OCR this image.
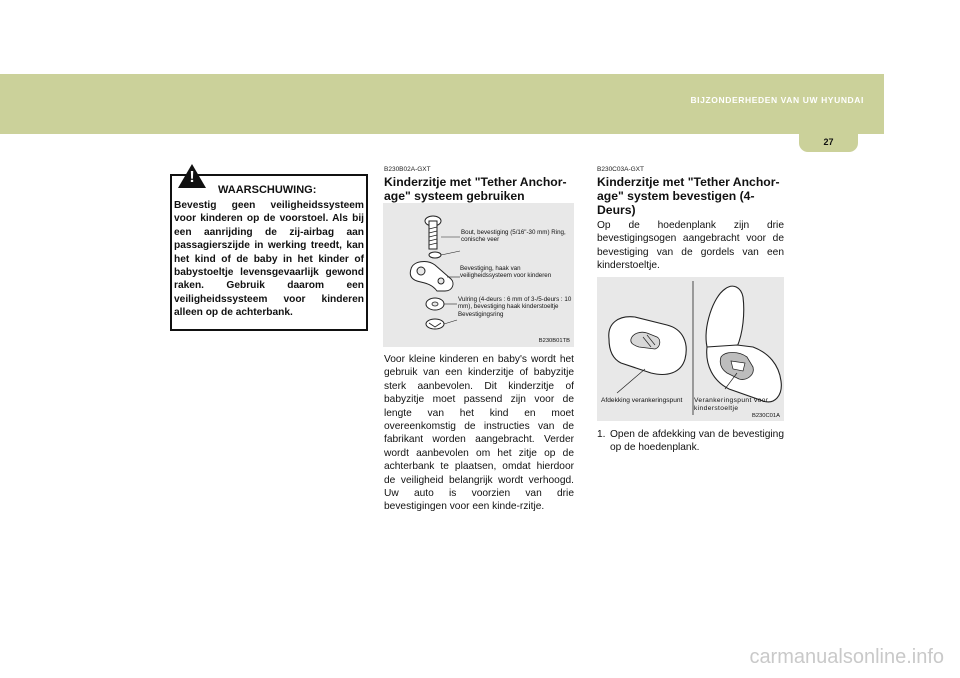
BIJZONDERHEDEN VAN UW HYUNDAI 1
27
!
WAARSCHUWING:
Bevestig geen veiligheidssysteem voor kinderen op de voorstoel. Als bij een aanrijding de zij-airbag aan passagierszijde in werking treedt, kan het kind of de baby in het kinder of babystoeltje levensgevaarlijk gewond raken. Gebruik daarom een veiligheidssysteem voor kinderen alleen op de achterbank.
B230B02A-GXT
Kinderzitje met "Tether Anchor-age" systeem gebruiken
Bout, bevestiging (5/16"-30 mm) Ring, conische veer
Bevestiging, haak van veiligheidssysteem voor kinderen
Vulring (4-deurs : 6 mm of 3-/5-deurs : 10 mm), bevestiging haak kinderstoeltje Bevestigingsring
B230B01TB
Voor kleine kinderen en baby's wordt het gebruik van een kinderzitje of babyzitje sterk aanbevolen. Dit kinderzitje of babyzitje moet passend zijn voor de lengte van het kind en moet overeenkomstig de instructies van de fabrikant worden aangebracht. Verder wordt aanbevolen om het zitje op de achterbank te plaatsen, omdat hierdoor de veiligheid belangrijk wordt verhoogd. Uw auto is voorzien van drie bevestigingen voor een kinde-rzitje.
B230C03A-GXT
Kinderzitje met "Tether Anchor-age" system bevestigen (4-Deurs)
Op de hoedenplank zijn drie bevestigingsogen aangebracht voor de bevestiging van de gordels van een kinderstoeltje.
Afdekking verankeringspunt	Verankeringspunt voor kinderstoeltje
B230C01A
1. Open de afdekking van de bevestiging op de hoedenplank.
carmanualsonline.info
